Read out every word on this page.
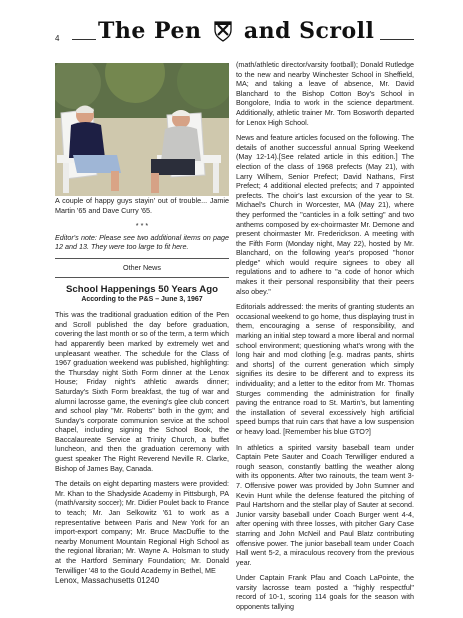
4 The Pen and Scroll

A couple of happy guys stayin' out of trouble... Jamie Martin '65 and Dave Curry '65.

* * *

Editor's note: Please see two additional items on page 12 and 13. They were too large to fit here.

Other News
School Happenings 50 Years Ago
According to the P&S – June 3, 1967

This was the traditional graduation edition of the Pen and Scroll published the day before graduation, covering the last month or so of the term, a term which had apparently been marked by extremely wet and unpleasant weather. The schedule for the Class of 1967 graduation weekend was published, highlighting: the Thursday night Sixth Form dinner at the Lenox House; Friday night's athletic awards dinner; Saturday's Sixth Form breakfast, the tug of war and alumni lacrosse game, the evening's glee club concert and school play "Mr. Roberts" both in the gym; and Sunday's corporate communion service at the school chapel, including signing the School Book, the Baccalaureate Service at Trinity Church, a buffet luncheon, and then the graduation ceremony with guest speaker The Right Reverend Neville R. Clarke, Bishop of James Bay, Canada.

The details on eight departing masters were provided: Mr. Khan to the Shadyside Academy in Pittsburgh, PA (math/varsity soccer); Mr. Didier Poulet back to France to teach; Mr. Jan Selkowitz '61 to work as a representative between Paris and New York for an import-export company; Mr. Bruce MacDuffie to the nearby Monument Mountain Regional High School as the regional librarian; Mr. Wayne A. Holsman to study at the Hartford Seminary Foundation; Mr. Donald Terwilliger '48 to the Gould Academy in Bethel, ME

(math/athletic director/varsity football); Donald Rutledge to the new and nearby Winchester School in Sheffield, MA; and taking a leave of absence, Mr. David Blanchard to the Bishop Cotton Boy's School in Bongolore, India to work in the science department. Additionally, athletic trainer Mr. Tom Bosworth departed for Lenox High School.

News and feature articles focused on the following. The details of another successful annual Spring Weekend (May 12-14).[See related article in this edition.] The election of the class of 1968 prefects (May 21), with Larry Wilhem, Senior Prefect; David Nathans, First Prefect; 4 additional elected prefects; and 7 appointed prefects. The choir's last excursion of the year to St. Michael's Church in Worcester, MA (May 21), where they performed the "canticles in a folk setting" and two anthems composed by ex-choirmaster Mr. Demone and present choirmaster Mr. Frederickson. A meeting with the Fifth Form (Monday night, May 22), hosted by Mr. Blanchard, on the following year's proposed "honor pledge" which would require signees to obey all regulations and to adhere to "a code of honor which makes it their personal responsibility that their peers also obey."

Editorials addressed: the merits of granting students an occasional weekend to go home, thus displaying trust in them, encouraging a sense of responsibility, and marking an initial step toward a more liberal and normal school environment; questioning what's wrong with the long hair and mod clothing [e.g. madras pants, shirts and shorts] of the current generation which simply signifies its desire to be different and to express its individuality; and a letter to the editor from Mr. Thomas Sturges commending the administration for finally paving the entrance road to St. Martin's, but lamenting the installation of several excessively high artificial speed bumps that ruin cars that have a low suspension or heavy load. [Remember his blue GTO?]

In athletics a spirited varsity baseball team under Captain Pete Sauter and Coach Terwilliger endured a rough season, constantly battling the weather along with its opponents. After two rainouts, the team went 3-7. Offensive power was provided by John Sumner and Kevin Hunt while the defense featured the pitching of Paul Hartshorn and the stellar play of Sauter at second. Junior varsity baseball under Coach Burger went 4-4, after opening with three losses, with pitcher Gary Case starring and John McNeil and Paul Blatz contributing offensive power. The junior baseball team under Coach Hall went 5-2, a miraculous recovery from the previous year.

Under Captain Frank Pfau and Coach LaPointe, the varsity lacrosse team posted a "highly respectful" record of 10-1, scoring 114 goals for the season with opponents tallying

Lenox, Massachusetts 01240
